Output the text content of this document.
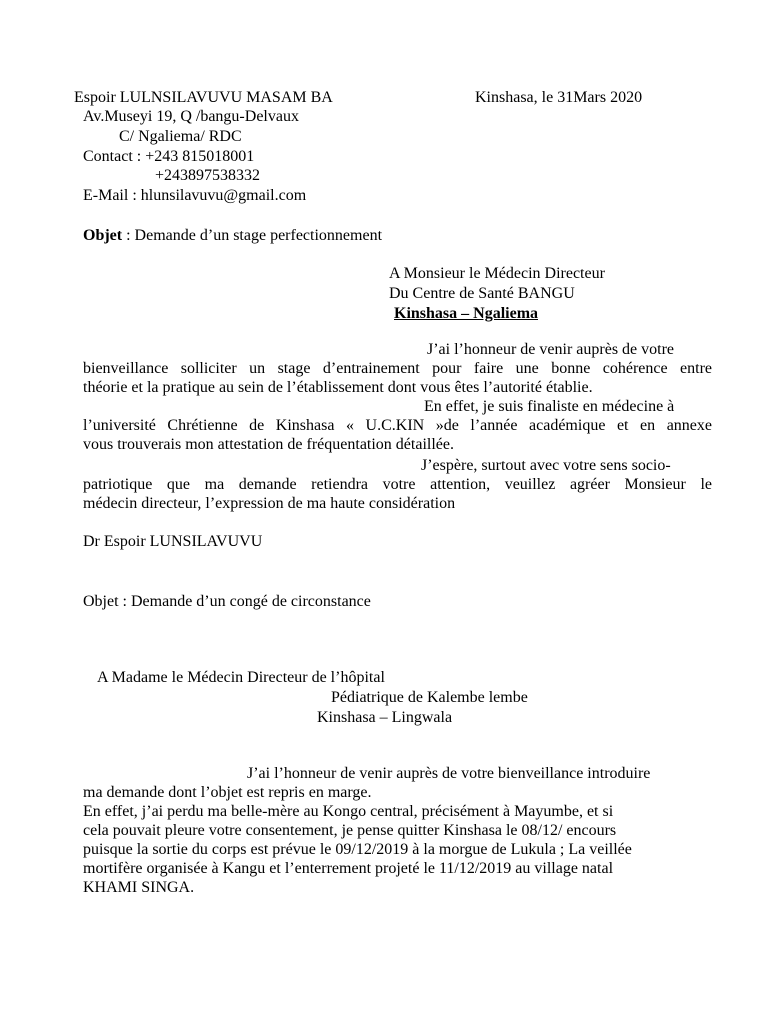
Espoir LULNSILAVUVU MASAM BA	Kinshasa, le 31Mars 2020
Av.Museyi 19, Q /bangu-Delvaux
C/ Ngaliema/ RDC
Contact : +243 815018001
+243897538332
E-Mail : hlunsilavuvu@gmail.com
Objet : Demande d’un stage perfectionnement
A Monsieur le Médecin Directeur
Du Centre de Santé BANGU
Kinshasa – Ngaliema
J’ai l’honneur de venir auprès de votre
bienveillance solliciter un stage d’entrainement pour faire une bonne cohérence entre
théorie et la pratique au sein de l’établissement dont vous êtes l’autorité établie.
En effet, je suis finaliste en médecine à
l’université Chrétienne de Kinshasa « U.C.KIN »de l’année académique et en annexe
vous trouverais mon attestation de fréquentation détaillée.
J’espère, surtout avec votre sens socio-
patriotique que ma demande retiendra votre attention, veuillez agréer Monsieur le
médecin directeur, l’expression de ma haute considération
Dr Espoir LUNSILAVUVU
Objet : Demande d’un congé de circonstance
A Madame le Médecin Directeur de l’hôpital
Pédiatrique de Kalembe lembe
Kinshasa – Lingwala
J’ai l’honneur de venir auprès de votre bienveillance introduire
ma demande dont l’objet est repris en marge.
En effet, j’ai perdu ma belle-mère au Kongo central, précisément à Mayumbe, et si
cela pouvait pleure votre consentement, je pense quitter Kinshasa le 08/12/ encours
puisque la sortie du corps est prévue le 09/12/2019 à la morgue de Lukula ; La veillée
mortifère organisée à Kangu et l’enterrement projeté le 11/12/2019 au village natal
KHAMI SINGA.
